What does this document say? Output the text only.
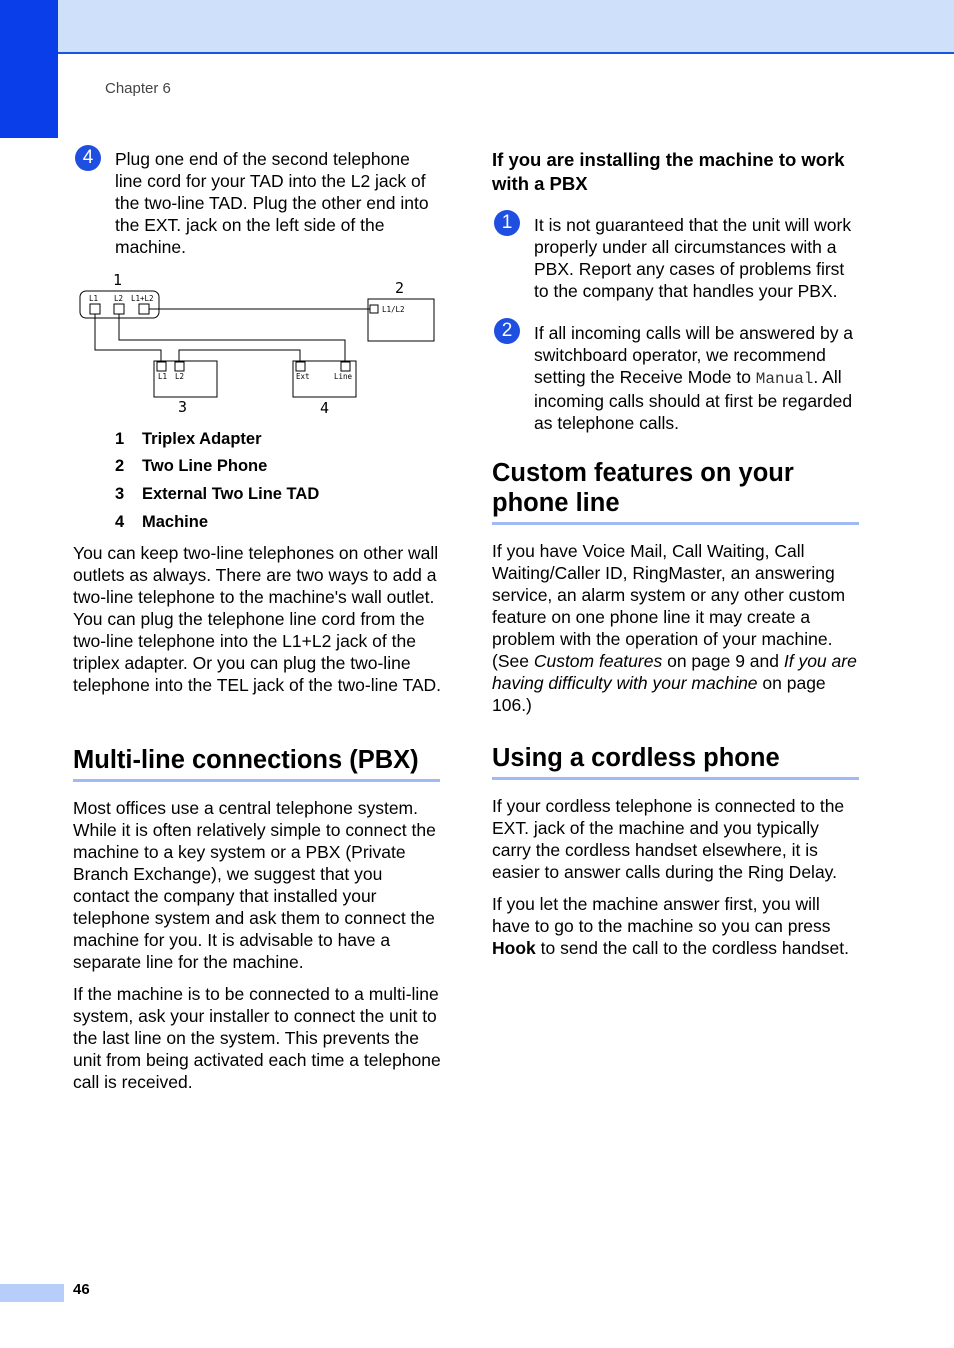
Chapter 6
4	Plug one end of the second telephone line cord for your TAD into the L2 jack of the two-line TAD. Plug the other end into the EXT. jack on the left side of the machine.

L1 L2 L1+L2
L1/L2
L1 L2	Ext	Line
1	2
3	4
1 Triplex Adapter
2 Two Line Phone
3 External Two Line TAD
4 Machine

You can keep two-line telephones on other wall outlets as always. There are two ways to add a two-line telephone to the machine's wall outlet. You can plug the telephone line cord from the two-line telephone into the L1+L2 jack of the triplex adapter. Or you can plug the two-line telephone into the TEL jack of the two-line TAD.

Multi-line connections (PBX)

Most offices use a central telephone system. While it is often relatively simple to connect the machine to a key system or a PBX (Private Branch Exchange), we suggest that you contact the company that installed your telephone system and ask them to connect the machine for you. It is advisable to have a separate line for the machine.

If the machine is to be connected to a multi-line system, ask your installer to connect the unit to the last line on the system. This prevents the unit from being activated each time a telephone call is received.

If you are installing the machine to work with a PBX
1	It is not guaranteed that the unit will work properly under all circumstances with a PBX. Report any cases of problems first to the company that handles your PBX.

2	If all incoming calls will be answered by a switchboard operator, we recommend setting the Receive Mode to Manual. All incoming calls should at first be regarded as telephone calls.

Custom features on your phone line

If you have Voice Mail, Call Waiting, Call Waiting/Caller ID, RingMaster, an answering service, an alarm system or any other custom feature on one phone line it may create a problem with the operation of your machine. (See Custom features on page 9 and If you are having difficulty with your machine on page 106.)

Using a cordless phone

If your cordless telephone is connected to the EXT. jack of the machine and you typically carry the cordless handset elsewhere, it is easier to answer calls during the Ring Delay.

If you let the machine answer first, you will have to go to the machine so you can press Hook to send the call to the cordless handset.

46
